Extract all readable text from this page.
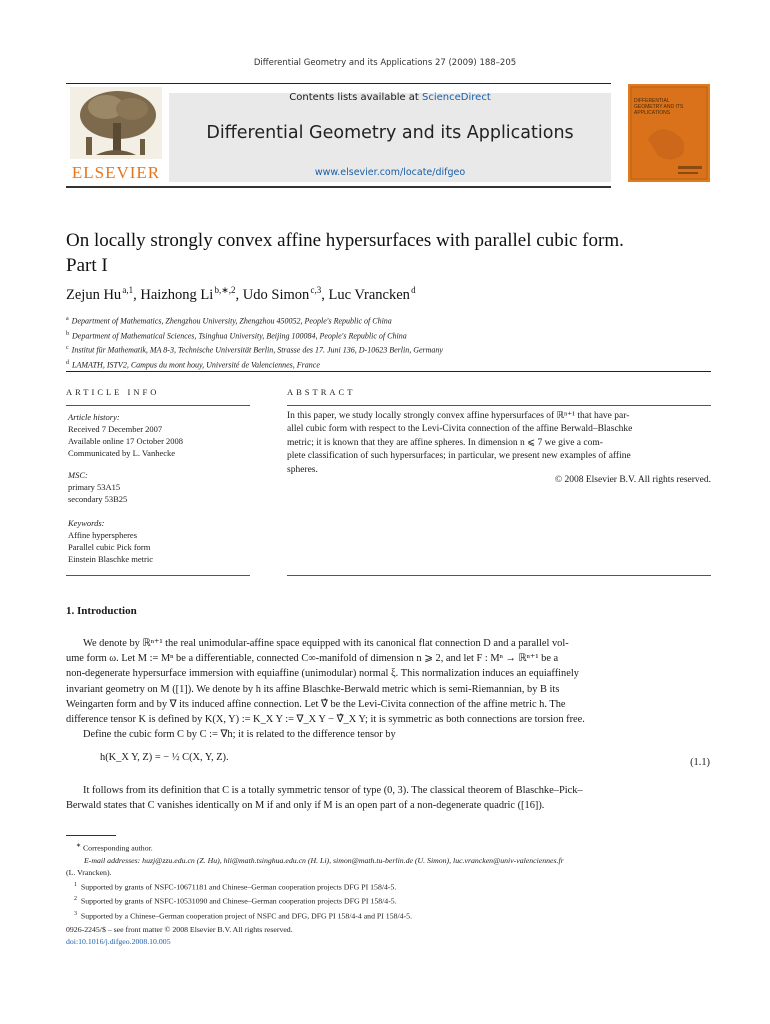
Differential Geometry and its Applications 27 (2009) 188–205
ELSEVIER
Contents lists available at ScienceDirect
Differential Geometry and its Applications
www.elsevier.com/locate/difgeo
DIFFERENTIAL GEOMETRY AND ITS APPLICATIONS
On locally strongly convex affine hypersurfaces with parallel cubic form.
Part I
Zejun Hu $^{a,1}$, Haizhong Li $^{b,∗,2}$, Udo Simon $^{c,3}$, Luc Vrancken $^d$
$^a$ Department of Mathematics, Zhengzhou University, Zhengzhou 450052, People's Republic of China
$^b$ Department of Mathematical Sciences, Tsinghua University, Beijing 100084, People's Republic of China
$^c$ Institut für Mathematik, MA 8-3, Technische Universität Berlin, Strasse des 17. Juni 136, D-10623 Berlin, Germany
$^d$ LAMATH, ISTV2, Campus du mont houy, Université de Valenciennes, France
ARTICLE INFO	ABSTRACT
Article history:
Received 7 December 2007
Available online 17 October 2008
Communicated by L. Vanhecke
MSC:
primary 53A15
secondary 53B25
Keywords:
Affine hyperspheres
Parallel cubic Pick form
Einstein Blaschke metric
In this paper, we study locally strongly convex affine hypersurfaces of ℝⁿ⁺¹ that have par-
allel cubic form with respect to the Levi-Civita connection of the affine Berwald–Blaschke
metric; it is known that they are affine spheres. In dimension n ⩽ 7 we give a com-
plete classification of such hypersurfaces; in particular, we present new examples of affine
spheres.
© 2008 Elsevier B.V. All rights reserved.
1. Introduction
We denote by ℝⁿ⁺¹ the real unimodular-affine space equipped with its canonical flat connection D and a parallel vol-
ume form ω. Let M := Mⁿ be a differentiable, connected C∞-manifold of dimension n ⩾ 2, and let F : Mⁿ → ℝⁿ⁺¹ be a
non-degenerate hypersurface immersion with equiaffine (unimodular) normal ξ. This normalization induces an equiaffinely
invariant geometry on M ([1]). We denote by h its affine Blaschke-Berwald metric which is semi-Riemannian, by B its
Weingarten form and by ∇ its induced affine connection. Let ∇̂ be the Levi-Civita connection of the affine metric h. The
difference tensor K is defined by K(X, Y) := K_X Y := ∇_X Y − ∇̂_X Y; it is symmetric as both connections are torsion free.
Define the cubic form C by C := ∇h; it is related to the difference tensor by
h(K_X Y, Z) = − ½ C(X, Y, Z).	(1.1)
It follows from its definition that C is a totally symmetric tensor of type (0, 3). The classical theorem of Blaschke–Pick–
Berwald states that C vanishes identically on M if and only if M is an open part of a non-degenerate quadric ([16]).
∗ Corresponding author.
E-mail addresses: huzj@zzu.edu.cn (Z. Hu), hli@math.tsinghua.edu.cn (H. Li), simon@math.tu-berlin.de (U. Simon), luc.vrancken@univ-valenciennes.fr
(L. Vrancken).
$^1$ Supported by grants of NSFC-10671181 and Chinese–German cooperation projects DFG PI 158/4-5.
$^2$ Supported by grants of NSFC-10531090 and Chinese–German cooperation projects DFG PI 158/4-5.
$^3$ Supported by a Chinese–German cooperation project of NSFC and DFG, DFG PI 158/4-4 and PI 158/4-5.
0926-2245/$ – see front matter © 2008 Elsevier B.V. All rights reserved.
doi:10.1016/j.difgeo.2008.10.005
